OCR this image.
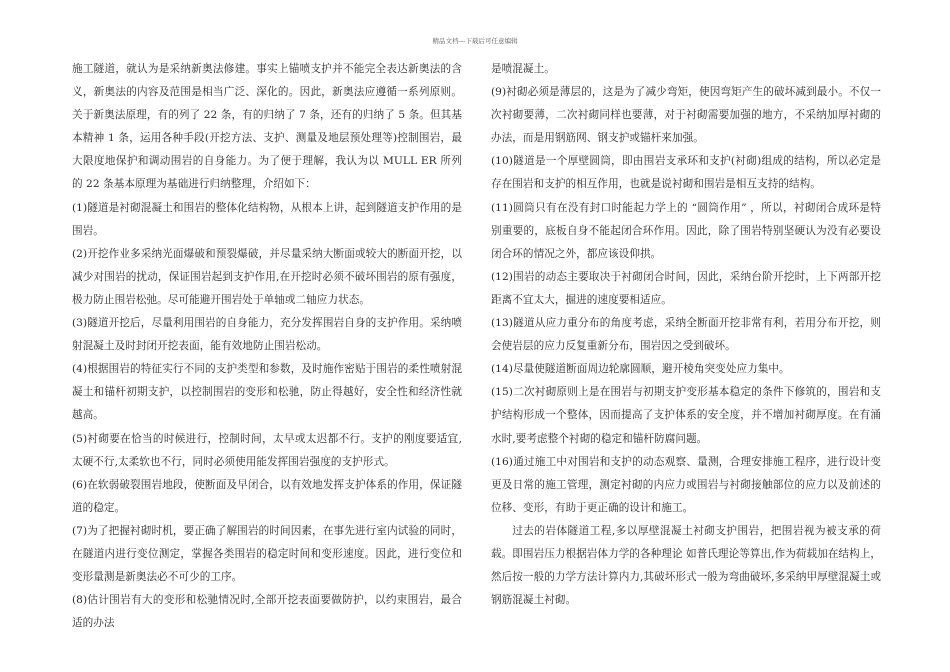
精品文档---下载后可任意编辑

施工隧道，就认为是采纳新奥法修建。事实上锚喷支护并不能完全表达新奥法的含义，新奥法的内容及范围是相当广泛、深化的。因此，新奥法应遵循一系列原则。关于新奥法原理，有的列了 22 条，有的归纳了 7 条，还有的归纳了 5 条。但其基本精神 1 条，运用各种手段(开挖方法、支护、测量及地层预处理等)控制围岩，最大限度地保护和调动围岩的自身能力。为了便于理解，我认为以 MULL ER 所列的 22 条基本原理为基础进行归纳整理，介绍如下：

(1)隧道是衬砌混凝土和围岩的整体化结构物，从根本上讲，起到隧道支护作用的是围岩。

(2)开挖作业多采纳光面爆破和预裂爆破，并尽量采纳大断面或较大的断面开挖，以减少对围岩的扰动，保证围岩起到支护作用,在开挖时必须不破坏围岩的原有强度，极力防止围岩松弛。尽可能避开围岩处于单轴或二轴应力状态。

(3)隧道开挖后，尽量利用围岩的自身能力，充分发挥围岩自身的支护作用。采纳喷射混凝土及时封闭开挖表面，能有效地防止围岩松动。

(4)根据围岩的特征实行不同的支护类型和参数，及时施作密贴于围岩的柔性喷射混凝土和锚杆初期支护，以控制围岩的变形和松驰，防止得越好，安全性和经济性就越高。

(5)衬砌要在恰当的时候进行，控制时间，太早或太迟都不行。支护的刚度要适宜,太硬不行,太柔软也不行，同时必须使用能发挥围岩强度的支护形式。

(6)在软弱破裂围岩地段，使断面及早闭合，以有效地发挥支护体系的作用，保证隧道的稳定。

(7)为了把握衬砌时机，要正确了解围岩的时间因素，在事先进行室内试验的同时，在隧道内进行变位测定，掌握各类围岩的稳定时间和变形速度。因此，进行变位和变形量测是新奥法必不可少的工序。

(8)估计围岩有大的变形和松驰情况时,全部开挖表面要做防护，以约束围岩，最合适的办法

是喷混凝土。

(9)衬砌必须是薄层的，这是为了减少弯矩，使因弯矩产生的破坏减到最小。不仅一次衬砌要薄，二次衬砌同样也要薄，对于衬砌需要加强的地方，不采纳加厚衬砌的办法，而是用钢筋网、钢支护或锚杆来加强。

(10)隧道是一个厚壁圆筒，即由围岩支承环和支护(衬砌)组成的结构，所以必定是存在围岩和支护的相互作用，也就是说衬砌和围岩是相互支持的结构。

(11)圆筒只有在没有封口时能起力学上的 “圆筒作用” ，所以，衬砌闭合成环是特别重要的，底板自身不能起闭合环作用。因此，除了围岩特别坚硬认为没有必要设闭合环的情况之外，都应该设仰拱。

(12)围岩的动态主要取决于衬砌闭合时间，因此，采纳台阶开挖时，上下两部开挖距离不宜太大，掘进的速度要相适应。

(13)隧道从应力重分布的角度考虑，采纳全断面开挖非常有利，若用分布开挖，则会使岩层的应力反复重新分布，围岩因之受到破坏。

(14)尽量使隧道断面周边轮廓圆顺，避开棱角突变处应力集中。

(15)二次衬砌原则上是在围岩与初期支护变形基本稳定的条件下修筑的，围岩和支护结构形成一个整体，因而提高了支护体系的安全度，并不增加衬砌厚度。在有涌水时,要考虑整个衬砌的稳定和锚杆防腐问题。

(16)通过施工中对围岩和支护的动态观察、量测，合理安排施工程序，进行设计变更及日常的施工管理，测定衬砌的内应力或围岩与衬砌接触部位的应力以及前述的位移、变形，有助于更正确的设计和施工。

过去的岩体隧道工程,多以厚壁混凝土衬砌支护围岩，把围岩视为被支承的荷载。即围岩压力根据岩体力学的各种理论 如普氏理论等算出,作为荷载加在结构上，然后按一般的力学方法计算内力,其破坏形式一般为弯曲破坏,多采纳甲厚壁混凝土或钢筋混凝土衬砌。
